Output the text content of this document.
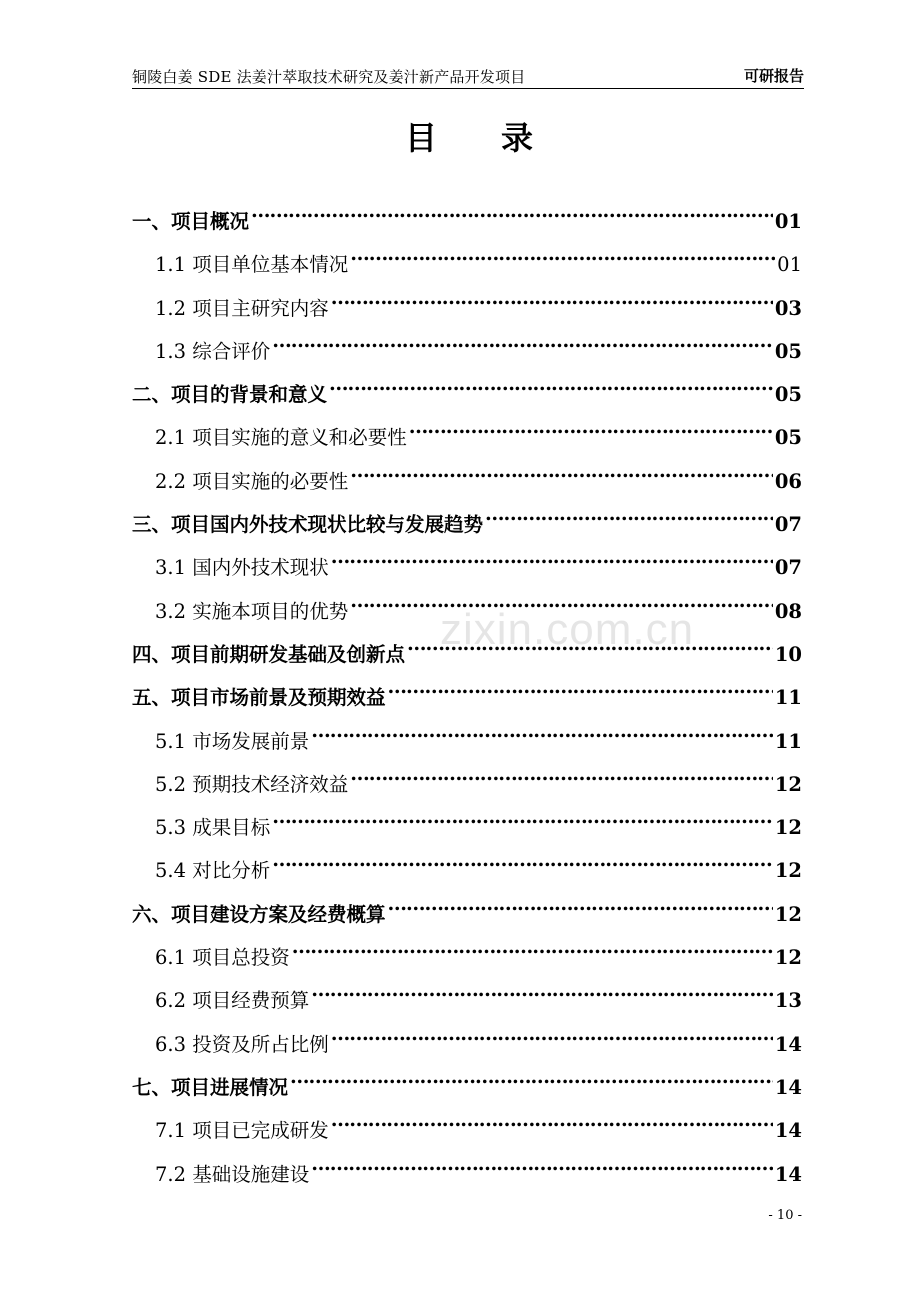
铜陵白姜 SDE 法姜汁萃取技术研究及姜汁新产品开发项目	可研报告
目　　录
一、项目概况 ……………………………………………………………………………………………………………………………………………………………………………………	01
1.1 项目单位基本情况 ……………………………………………………………………………………………………………………………………………………………………………………	01
1.2 项目主研究内容 ……………………………………………………………………………………………………………………………………………………………………………………	03
1.3 综合评价 ……………………………………………………………………………………………………………………………………………………………………………………	05
二、项目的背景和意义 ……………………………………………………………………………………………………………………………………………………………………………………	05
2.1 项目实施的意义和必要性 ……………………………………………………………………………………………………………………………………………………………………………………	05
2.2 项目实施的必要性 ……………………………………………………………………………………………………………………………………………………………………………………	06
三、项目国内外技术现状比较与发展趋势 ……………………………………………………………………………………………………………………………………………………………………………………	07
3.1 国内外技术现状 ……………………………………………………………………………………………………………………………………………………………………………………	07
3.2 实施本项目的优势 ……………………………………………………………………………………………………………………………………………………………………………………	08
四、项目前期研发基础及创新点 ……………………………………………………………………………………………………………………………………………………………………………………	10
五、项目市场前景及预期效益 ……………………………………………………………………………………………………………………………………………………………………………………	11
5.1 市场发展前景 ……………………………………………………………………………………………………………………………………………………………………………………	11
5.2 预期技术经济效益 ……………………………………………………………………………………………………………………………………………………………………………………	12
5.3 成果目标 ……………………………………………………………………………………………………………………………………………………………………………………	12
5.4 对比分析 ……………………………………………………………………………………………………………………………………………………………………………………	12
六、项目建设方案及经费概算 ……………………………………………………………………………………………………………………………………………………………………………………	12
6.1 项目总投资 ……………………………………………………………………………………………………………………………………………………………………………………	12
6.2 项目经费预算 ……………………………………………………………………………………………………………………………………………………………………………………	13
6.3 投资及所占比例 ……………………………………………………………………………………………………………………………………………………………………………………	14
七、项目进展情况 ……………………………………………………………………………………………………………………………………………………………………………………	14
7.1 项目已完成研发 ……………………………………………………………………………………………………………………………………………………………………………………	14
7.2 基础设施建设 ……………………………………………………………………………………………………………………………………………………………………………………	14
zixin.com.cn
- 10 -
